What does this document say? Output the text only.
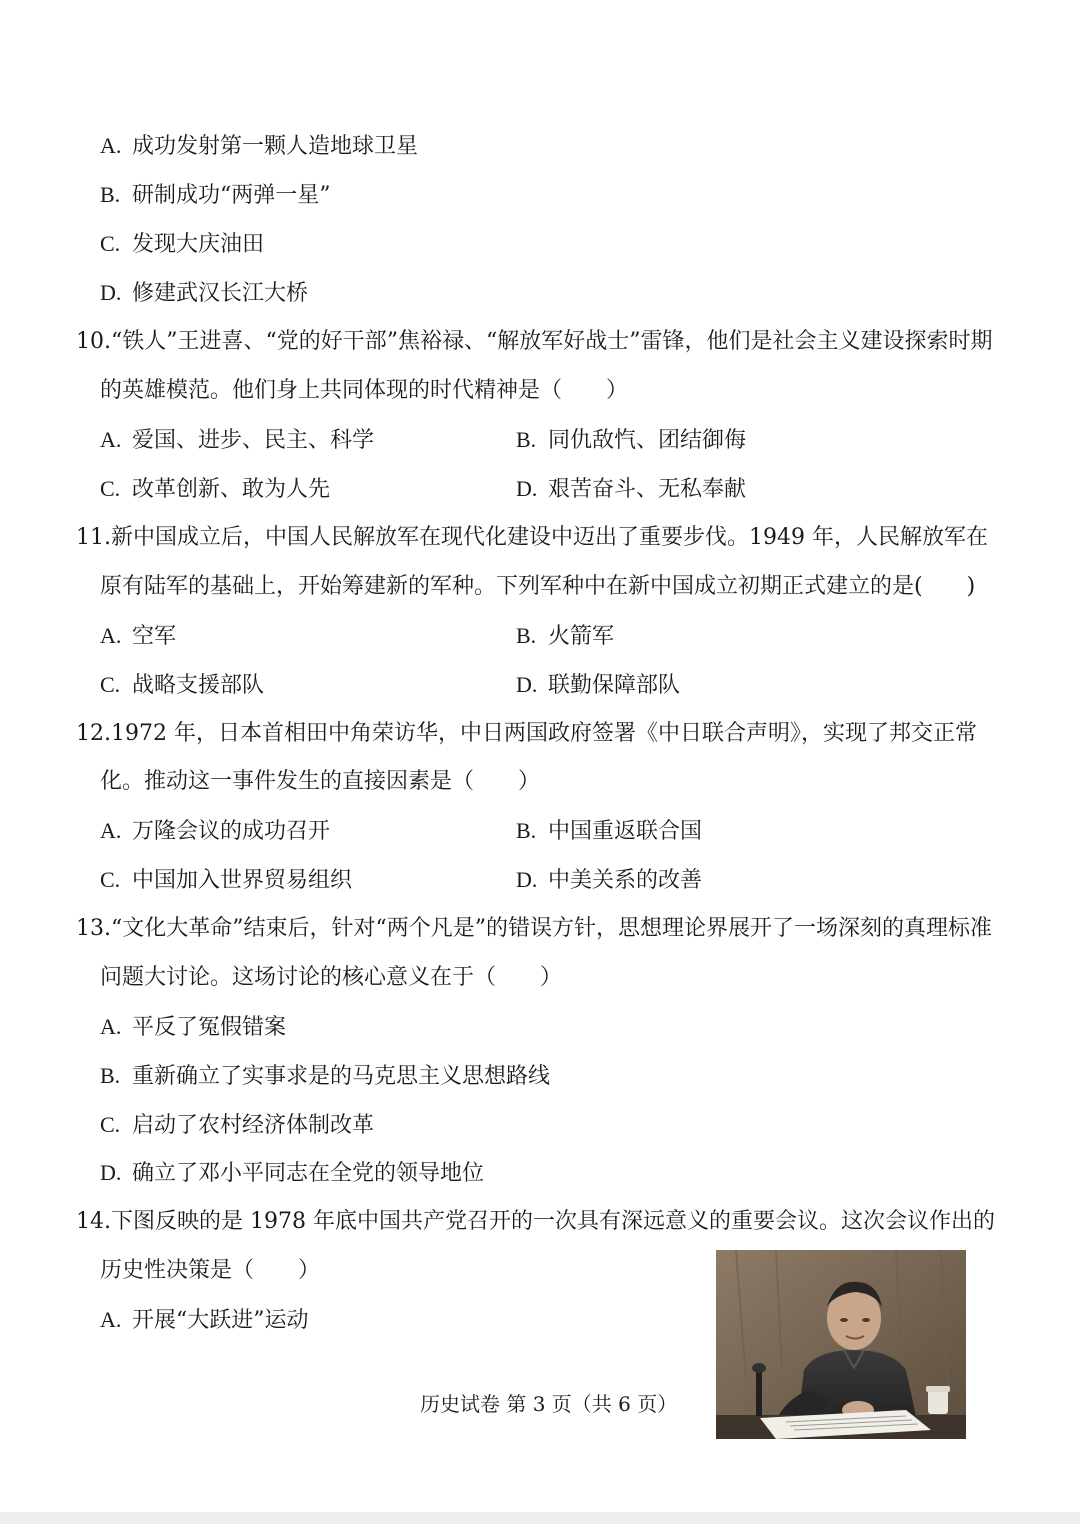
A. 成功发射第一颗人造地球卫星
B. 研制成功“两弹一星”
C. 发现大庆油田
D. 修建武汉长江大桥
10.“铁人”王进喜、“党的好干部”焦裕禄、“解放军好战士”雷锋，他们是社会主义建设探索时期
的英雄模范。他们身上共同体现的时代精神是（　　）
A. 爱国、进步、民主、科学	B. 同仇敌忾、团结御侮
C. 改革创新、敢为人先	D. 艰苦奋斗、无私奉献
11.新中国成立后，中国人民解放军在现代化建设中迈出了重要步伐。1949 年，人民解放军在
原有陆军的基础上，开始筹建新的军种。下列军种中在新中国成立初期正式建立的是(　　)
A. 空军	B. 火箭军
C. 战略支援部队	D. 联勤保障部队
12.1972 年，日本首相田中角荣访华，中日两国政府签署《中日联合声明》，实现了邦交正常
化。推动这一事件发生的直接因素是（　　）
A. 万隆会议的成功召开	B. 中国重返联合国
C. 中国加入世界贸易组织	D. 中美关系的改善
13.“文化大革命”结束后，针对“两个凡是”的错误方针，思想理论界展开了一场深刻的真理标准
问题大讨论。这场讨论的核心意义在于（　　）
A. 平反了冤假错案
B. 重新确立了实事求是的马克思主义思想路线
C. 启动了农村经济体制改革
D. 确立了邓小平同志在全党的领导地位
14.下图反映的是 1978 年底中国共产党召开的一次具有深远意义的重要会议。这次会议作出的
历史性决策是（　　）
A. 开展“大跃进”运动
历史试卷 第 3 页（共 6 页）
